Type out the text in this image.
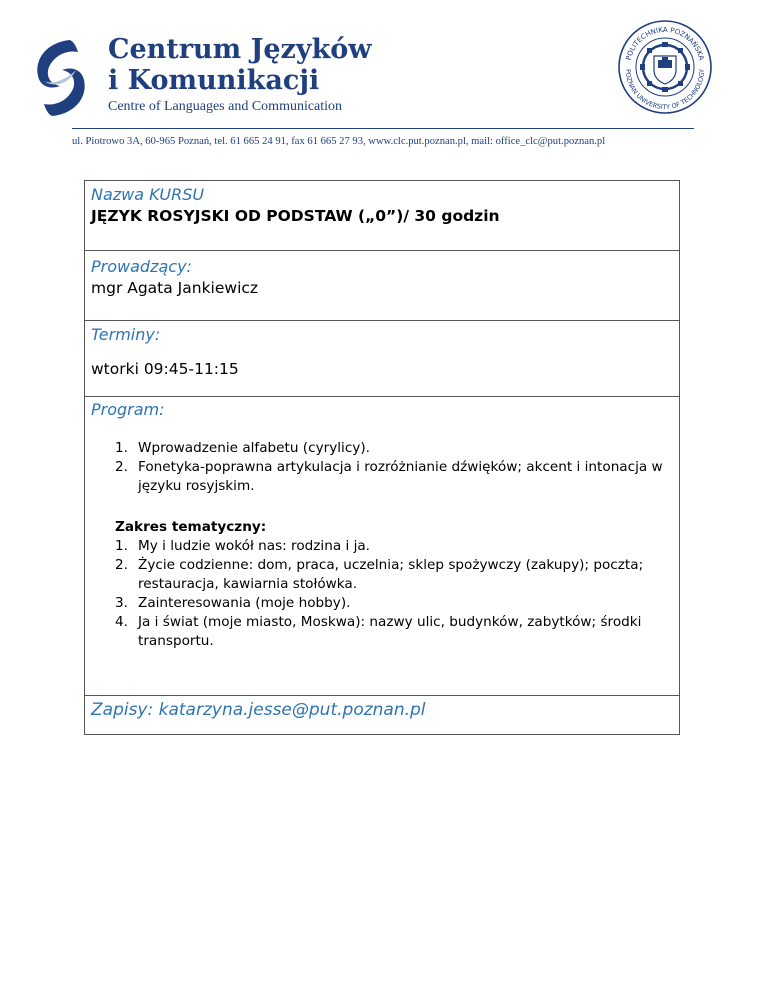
Centrum Języków
i Komunikacji
Centre of Languages and Communication
POLITECHNIKA POZNAŃSKA
POZNAN UNIVERSITY OF TECHNOLOGY
ul. Piotrowo 3A, 60-965 Poznań, tel. 61 665 24 91, fax 61 665 27 93, www.clc.put.poznan.pl, mail: office_clc@put.poznan.pl
Nazwa KURSU
JĘZYK ROSYJSKI OD PODSTAW („0”)/ 30 godzin
Prowadzący:
mgr Agata Jankiewicz
Terminy:
wtorki 09:45-11:15
Program:
1. Wprowadzenie alfabetu (cyrylicy).
2. Fonetyka-poprawna artykulacja i rozróżnianie dźwięków; akcent i intonacja w języku rosyjskim.
Zakres tematyczny:
1. My i ludzie wokół nas: rodzina i ja.
2. Życie codzienne: dom, praca, uczelnia; sklep spożywczy (zakupy); poczta; restauracja, kawiarnia stołówka.
3. Zainteresowania (moje hobby).
4. Ja i świat (moje miasto, Moskwa): nazwy ulic, budynków, zabytków; środki transportu.
Zapisy: katarzyna.jesse@put.poznan.pl
